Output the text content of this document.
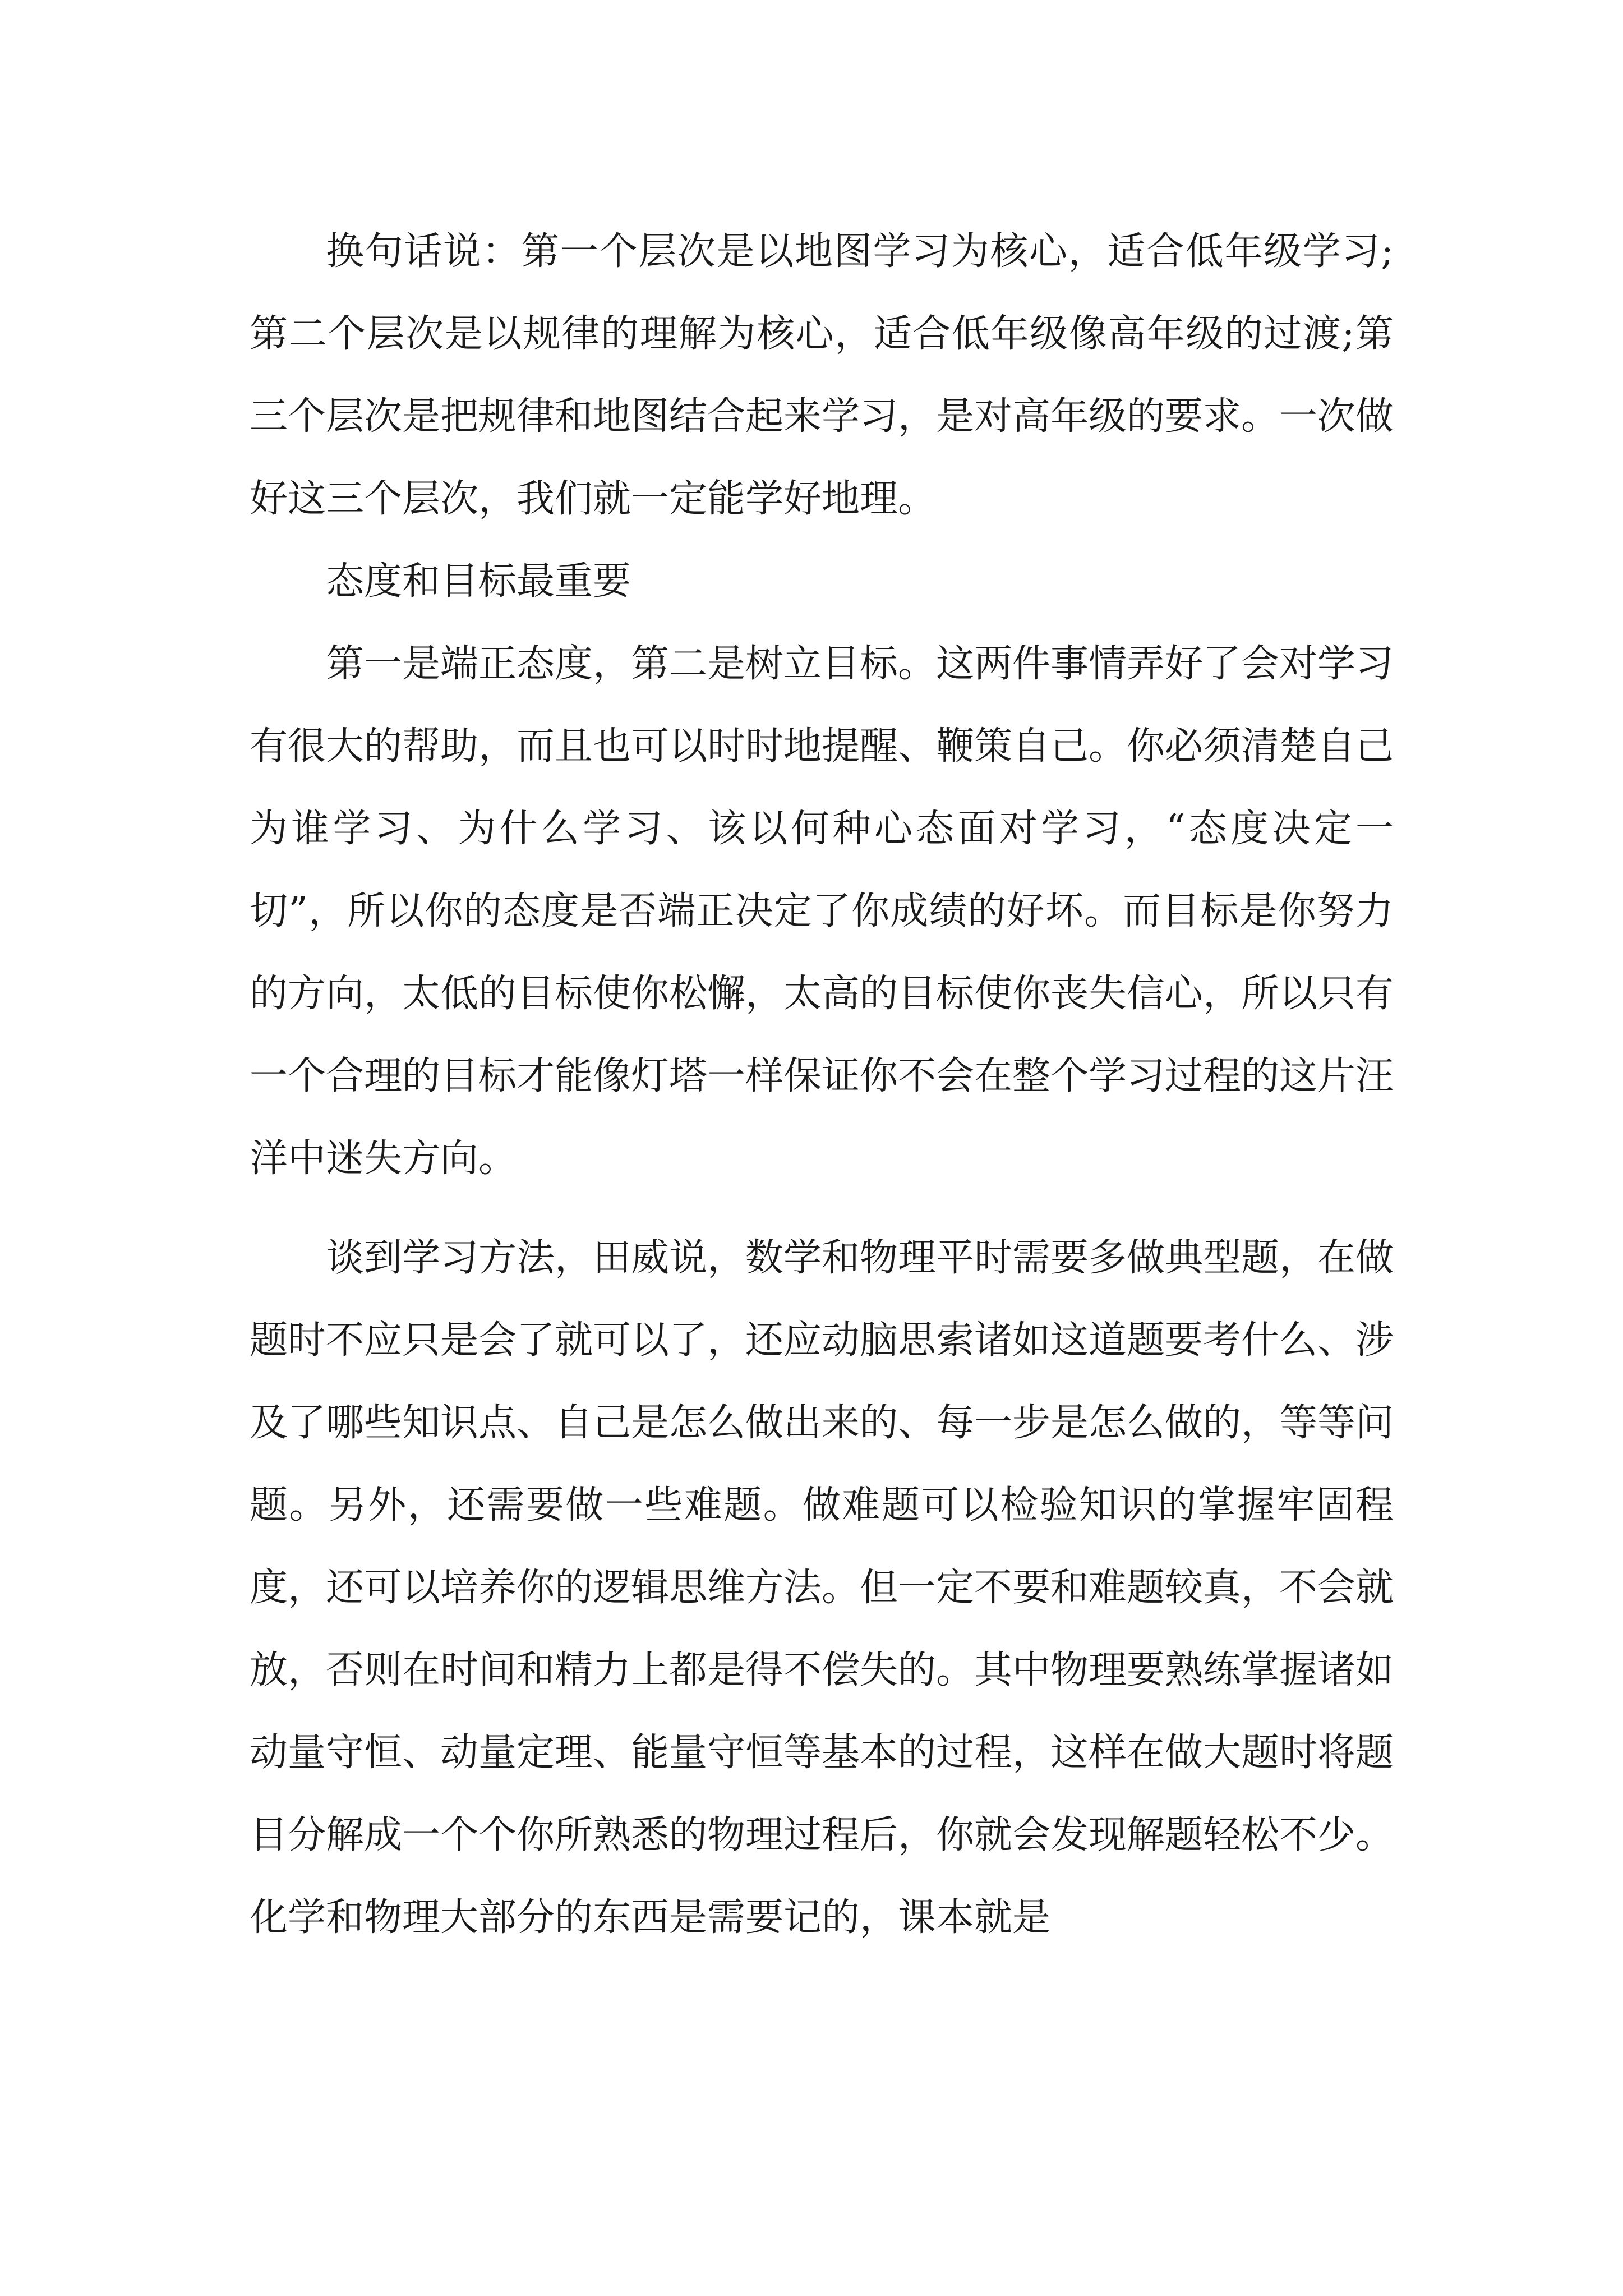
换句话说：第一个层次是以地图学习为核心，适合低年级学习;第二个层次是以规律的理解为核心，适合低年级像高年级的过渡;第三个层次是把规律和地图结合起来学习，是对高年级的要求。一次做好这三个层次，我们就一定能学好地理。

态度和目标最重要

第一是端正态度，第二是树立目标。这两件事情弄好了会对学习有很大的帮助，而且也可以时时地提醒、鞭策自己。你必须清楚自己为谁学习、为什么学习、该以何种心态面对学习，“态度决定一切”，所以你的态度是否端正决定了你成绩的好坏。而目标是你努力的方向，太低的目标使你松懈，太高的目标使你丧失信心，所以只有一个合理的目标才能像灯塔一样保证你不会在整个学习过程的这片汪洋中迷失方向。

谈到学习方法，田威说，数学和物理平时需要多做典型题，在做题时不应只是会了就可以了，还应动脑思索诸如这道题要考什么、涉及了哪些知识点、自己是怎么做出来的、每一步是怎么做的，等等问题。另外，还需要做一些难题。做难题可以检验知识的掌握牢固程度，还可以培养你的逻辑思维方法。但一定不要和难题较真，不会就放，否则在时间和精力上都是得不偿失的。其中物理要熟练掌握诸如动量守恒、动量定理、能量守恒等基本的过程，这样在做大题时将题目分解成一个个你所熟悉的物理过程后，你就会发现解题轻松不少。化学和物理大部分的东西是需要记的，课本就是
